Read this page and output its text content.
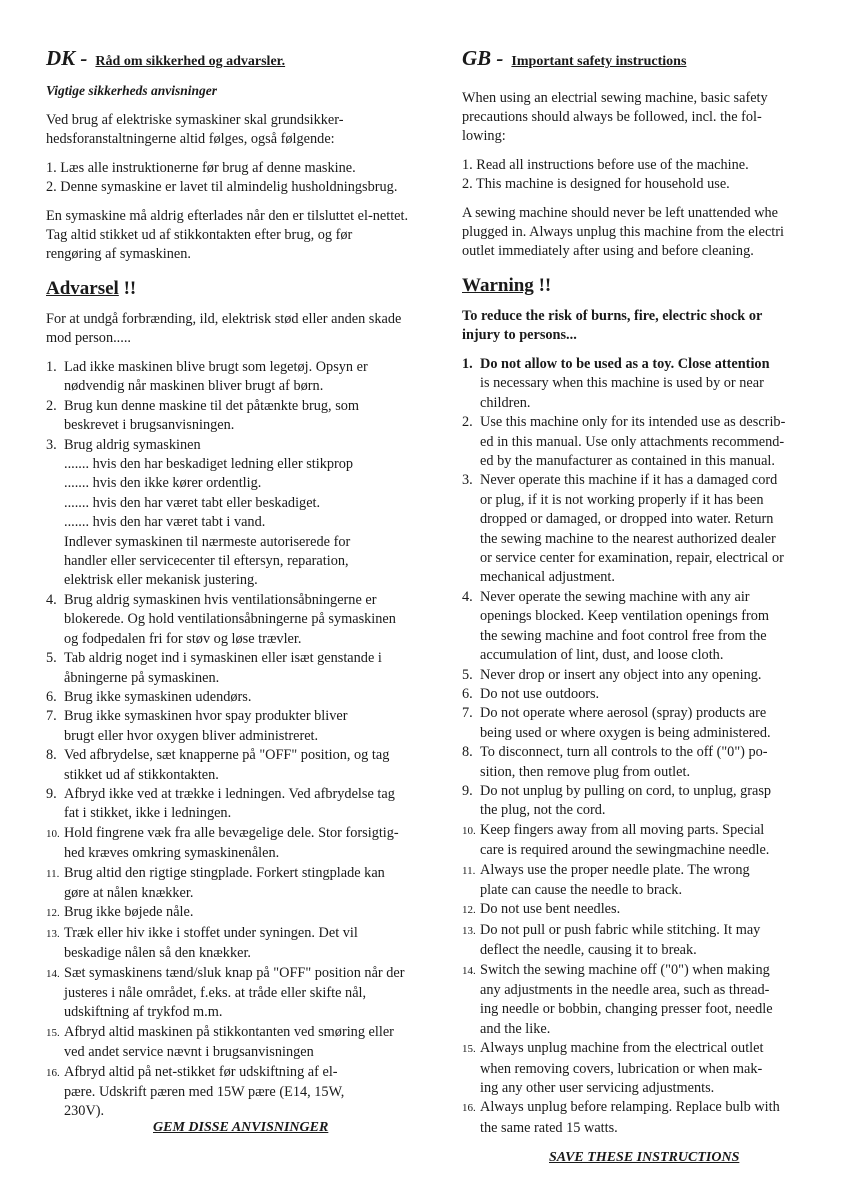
DK - Råd om sikkerhed og advarsler.
Vigtige sikkerheds anvisninger

Ved brug af elektriske symaskiner skal grundsikker-
hedsforanstaltningerne altid følges, også følgende:

1. Læs alle instruktionerne før brug af denne maskine.
2. Denne symaskine er lavet til almindelig husholdningsbrug.

En symaskine må aldrig efterlades når den er tilsluttet el-nettet.
Tag altid stikket ud af stikkontakten efter brug, og før
rengøring af symaskinen.

Advarsel !!

For at undgå forbrænding, ild, elektrisk stød eller anden skade
mod person.....

1. Lad ikke maskinen blive brugt som legetøj. Opsyn er
nødvendig når maskinen bliver brugt af børn.
2. Brug kun denne maskine til det påtænkte brug, som
beskrevet i brugsanvisningen.
3. Brug aldrig symaskinen
....... hvis den har beskadiget ledning eller stikprop
....... hvis den ikke kører ordentlig.
....... hvis den har været tabt eller beskadiget.
....... hvis den har været tabt i vand.
Indlever symaskinen til nærmeste autoriserede for
handler eller servicecenter til eftersyn, reparation,
elektrisk eller mekanisk justering.
4. Brug aldrig symaskinen hvis ventilationsåbningerne er
blokerede. Og hold ventilationsåbningerne på symaskinen
og fodpedalen fri for støv og løse trævler.
5. Tab aldrig noget ind i symaskinen eller isæt genstande i
åbningerne på symaskinen.
6. Brug ikke symaskinen udendørs.
7. Brug ikke symaskinen hvor spay produkter bliver
brugt eller hvor oxygen bliver administreret.
8. Ved afbrydelse, sæt knapperne på "OFF" position, og tag
stikket ud af stikkontakten.
9. Afbryd ikke ved at trække i ledningen. Ved afbrydelse tag
fat i stikket, ikke i ledningen.
10. Hold fingrene væk fra alle bevægelige dele. Stor forsigtig-
hed kræves omkring symaskinenålen.
11. Brug altid den rigtige stingplade. Forkert stingplade kan
gøre at nålen knækker.
12. Brug ikke bøjede nåle.
13. Træk eller hiv ikke i stoffet under syningen. Det vil
beskadige nålen så den knækker.
14. Sæt symaskinens tænd/sluk knap på "OFF" position når der
justeres i nåle området, f.eks. at tråde eller skifte nål,
udskiftning af trykfod m.m.
15. Afbryd altid maskinen på stikkontanten ved smøring eller
ved andet service nævnt i brugsanvisningen
16. Afbryd altid på net-stikket før udskiftning af el-
pære. Udskrift pæren med 15W pære (E14, 15W,
230V).
GEM DISSE ANVISNINGER
GB - Important safety instructions

When using an electrial sewing machine, basic safety
precautions should always be followed, incl. the fol-
lowing:

1. Read all instructions before use of the machine.
2. This machine is designed for household use.

A sewing machine should never be left unattended whe
plugged in. Always unplug this machine from the electri
outlet immediately after using and before cleaning.

Warning !!

To reduce the risk of burns, fire, electric shock or
injury to persons...

1. Do not allow to be used as a toy. Close attention
is necessary when this machine is used by or near
children.
2. Use this machine only for its intended use as describ-
ed in this manual. Use only attachments recommend-
ed by the manufacturer as contained in this manual.
3. Never operate this machine if it has a damaged cord
or plug, if it is not working properly if it has been
dropped or damaged, or dropped into water. Return
the sewing machine to the nearest authorized dealer
or service center for examination, repair, electrical or
mechanical adjustment.
4. Never operate the sewing machine with any air
openings blocked. Keep ventilation openings from
the sewing machine and foot control free from the
accumulation of lint, dust, and loose cloth.
5. Never drop or insert any object into any opening.
6. Do not use outdoors.
7. Do not operate where aerosol (spray) products are
being used or where oxygen is being administered.
8. To disconnect, turn all controls to the off ("0") po-
sition, then remove plug from outlet.
9. Do not unplug by pulling on cord, to unplug, grasp
the plug, not the cord.
10. Keep fingers away from all moving parts. Special
care is required around the sewingmachine needle.
11. Always use the proper needle plate. The wrong
plate can cause the needle to brack.
12. Do not use bent needles.
13. Do not pull or push fabric while stitching. It may
deflect the needle, causing it to break.
14. Switch the sewing machine off ("0") when making
any adjustments in the needle area, such as thread-
ing needle or bobbin, changing presser foot, needle
and the like.
15. Always unplug machine from the electrical outlet
when removing covers, lubrication or when mak-
ing any other user servicing adjustments.
16. Always unplug before relamping. Replace bulb with
the same rated 15 watts.
SAVE THESE INSTRUCTIONS
